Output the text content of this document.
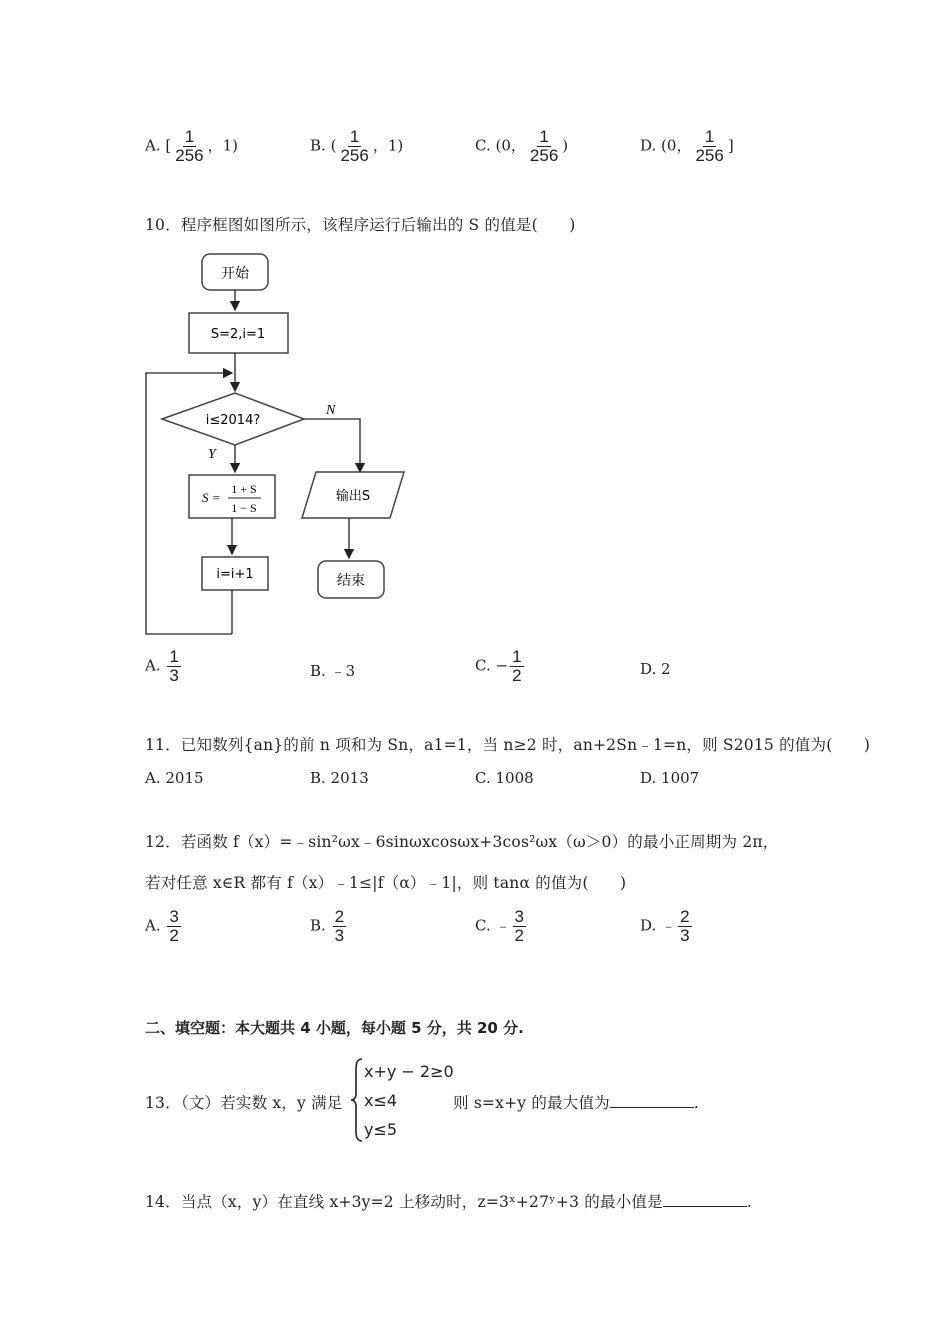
A. [ $\frac{1}{256}$ ，1)	B. ( $\frac{1}{256}$ ，1)	C. (0， $\frac{1}{256}$ )	D. (0， $\frac{1}{256}$ ]
10．程序框图如图所示，该程序运行后输出的 S 的值是(　　)
开始
S=2,i=1
i≤2014?
N
Y
S =
1 + S
1 − S
i=i+1
输出S
结束
A. $\frac{1}{3}$	B. ﹣3	C. − $\frac{1}{2}$	D. 2
11．已知数列{an}的前 n 项和为 Sn，a1=1，当 n≥2 时，an+2Sn﹣1=n，则 S2015 的值为(　　)
A. 2015	B. 2013	C. 1008	D. 1007
12．若函数 f（x）=﹣sin²ωx﹣6sinωxcosωx+3cos²ωx（ω＞0）的最小正周期为 2π，
若对任意 x∈R 都有 f（x）﹣1≤|f（α）﹣1|，则 tanα 的值为(　　)
A. $\frac{3}{2}$	B. $\frac{2}{3}$	C. ﹣ $\frac{3}{2}$	D. ﹣ $\frac{2}{3}$
二、填空题：本大题共 4 小题，每小题 5 分，共 20 分.
13．（文）若实数 x，y 满足
x+y − 2≥0
x≤4
y≤5
则 s=x+y 的最大值为	.
14．当点（x，y）在直线 x+3y=2 上移动时，z=3ˣ+27ʸ+3 的最小值是	.
